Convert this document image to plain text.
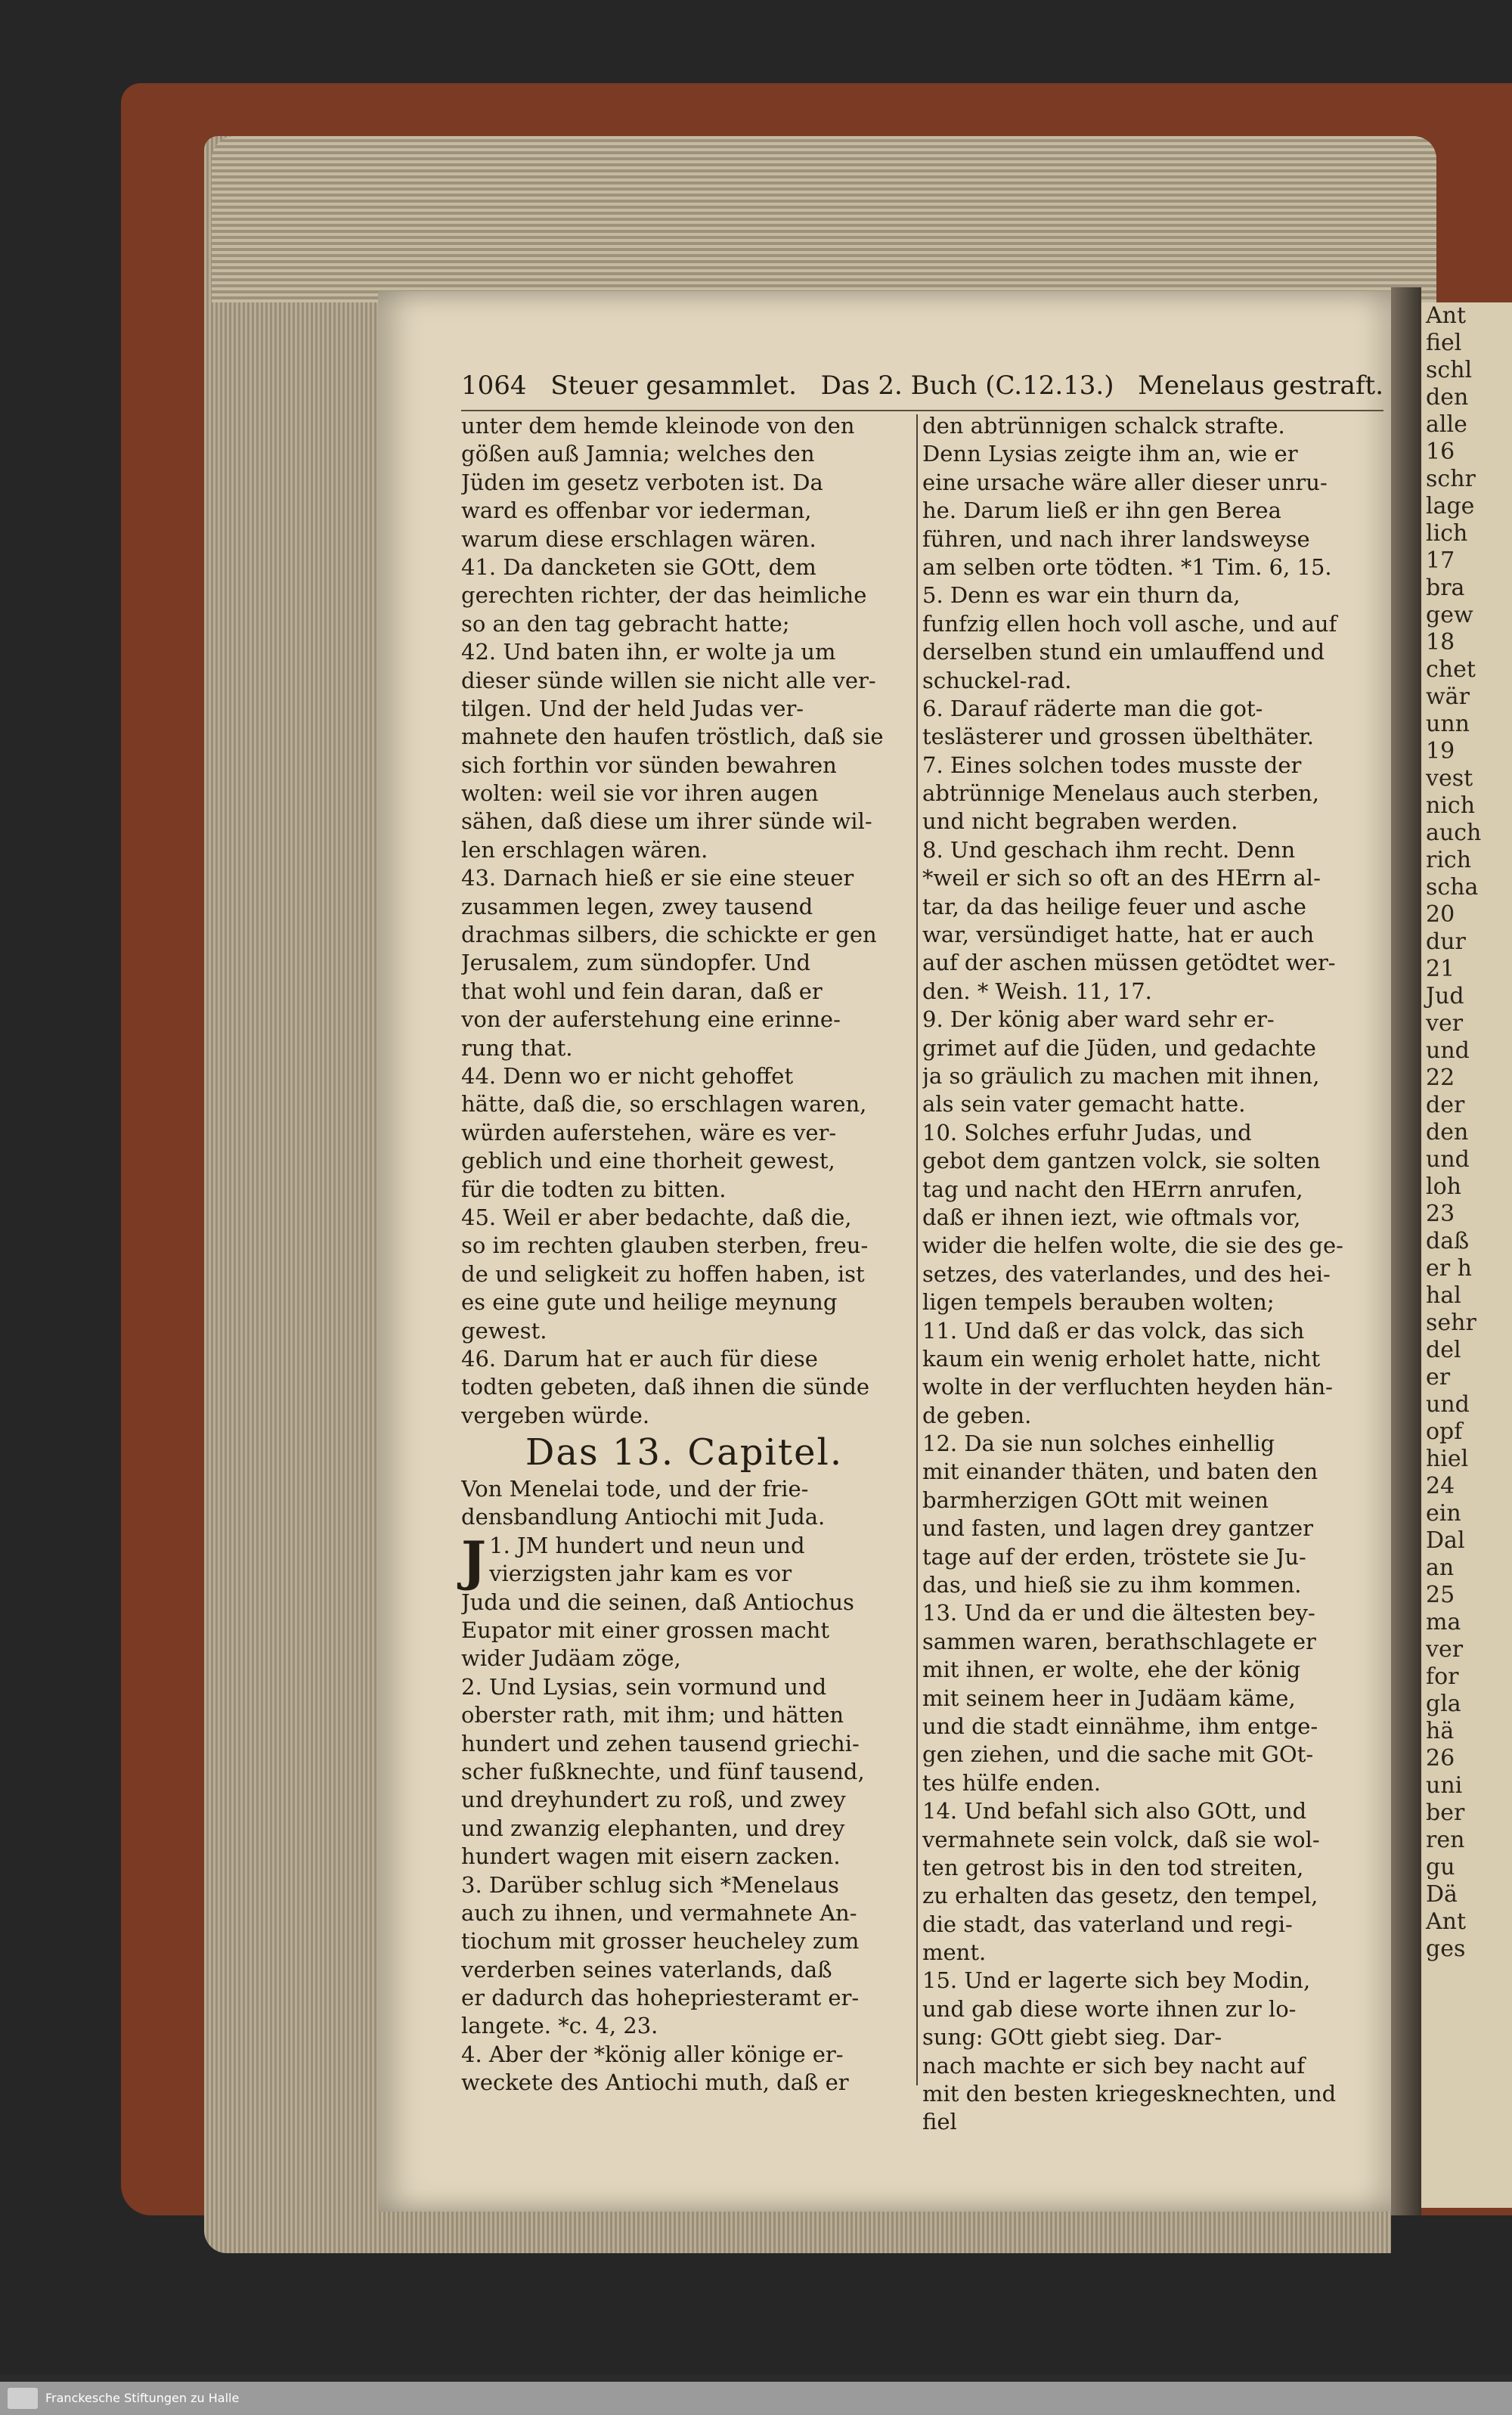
Ant
fiel
schl
den
alle
16
schr
lage
lich
17
bra
gew
18
chet
wär
unn
19
vest
nich
auch
rich
scha
20
dur
21
Jud
ver
und
22
der
den
und
loh
23
daß
er h
hal
sehr
del
er
und
opf
hiel
24
ein
Dal
an
25
ma
ver
for
gla
hä
26
uni
ber
ren
gu
Dä
Ant
ges
1064 Steuer gesammlet. Das 2. Buch (C.12.13.) Menelaus gestraft.
unter dem hemde kleinode von den
gößen auß Jamnia; welches den
Jüden im gesetz verboten ist. Da
ward es offenbar vor iederman,
warum diese erschlagen wären.
41. Da dancketen sie GOtt, dem
gerechten richter, der das heimliche
so an den tag gebracht hatte;
42. Und baten ihn, er wolte ja um
dieser sünde willen sie nicht alle ver-
tilgen. Und der held Judas ver-
mahnete den haufen tröstlich, daß sie
sich forthin vor sünden bewahren
wolten: weil sie vor ihren augen
sähen, daß diese um ihrer sünde wil-
len erschlagen wären.
43. Darnach hieß er sie eine steuer
zusammen legen, zwey tausend
drachmas silbers, die schickte er gen
Jerusalem, zum sündopfer. Und
that wohl und fein daran, daß er
von der auferstehung eine erinne-
rung that.
44. Denn wo er nicht gehoffet
hätte, daß die, so erschlagen waren,
würden auferstehen, wäre es ver-
geblich und eine thorheit gewest,
für die todten zu bitten.
45. Weil er aber bedachte, daß die,
so im rechten glauben sterben, freu-
de und seligkeit zu hoffen haben, ist
es eine gute und heilige meynung
gewest.
46. Darum hat er auch für diese
todten gebeten, daß ihnen die sünde
vergeben würde.
Das 13. Capitel.
Von Menelai tode, und der frie-
densbandlung Antiochi mit Juda.
J 1. JM hundert und neun und
vierzigsten jahr kam es vor
Juda und die seinen, daß Antiochus
Eupator mit einer grossen macht
wider Judäam zöge,
2. Und Lysias, sein vormund und
oberster rath, mit ihm; und hätten
hundert und zehen tausend griechi-
scher fußknechte, und fünf tausend,
und dreyhundert zu roß, und zwey
und zwanzig elephanten, und drey
hundert wagen mit eisern zacken.
3. Darüber schlug sich *Menelaus
auch zu ihnen, und vermahnete An-
tiochum mit grosser heucheley zum
verderben seines vaterlands, daß
er dadurch das hohepriesteramt er-
langete. *c. 4, 23.
4. Aber der *könig aller könige er-
weckete des Antiochi muth, daß er
den abtrünnigen schalck strafte.
Denn Lysias zeigte ihm an, wie er
eine ursache wäre aller dieser unru-
he. Darum ließ er ihn gen Berea
führen, und nach ihrer landsweyse
am selben orte tödten. *1 Tim. 6, 15.
5. Denn es war ein thurn da,
funfzig ellen hoch voll asche, und auf
derselben stund ein umlauffend und
schuckel-rad.
6. Darauf räderte man die got-
teslästerer und grossen übelthäter.
7. Eines solchen todes musste der
abtrünnige Menelaus auch sterben,
und nicht begraben werden.
8. Und geschach ihm recht. Denn
*weil er sich so oft an des HErrn al-
tar, da das heilige feuer und asche
war, versündiget hatte, hat er auch
auf der aschen müssen getödtet wer-
den. * Weish. 11, 17.
9. Der könig aber ward sehr er-
grimet auf die Jüden, und gedachte
ja so gräulich zu machen mit ihnen,
als sein vater gemacht hatte.
10. Solches erfuhr Judas, und
gebot dem gantzen volck, sie solten
tag und nacht den HErrn anrufen,
daß er ihnen iezt, wie oftmals vor,
wider die helfen wolte, die sie des ge-
setzes, des vaterlandes, und des hei-
ligen tempels berauben wolten;
11. Und daß er das volck, das sich
kaum ein wenig erholet hatte, nicht
wolte in der verfluchten heyden hän-
de geben.
12. Da sie nun solches einhellig
mit einander thäten, und baten den
barmherzigen GOtt mit weinen
und fasten, und lagen drey gantzer
tage auf der erden, tröstete sie Ju-
das, und hieß sie zu ihm kommen.
13. Und da er und die ältesten bey-
sammen waren, berathschlagete er
mit ihnen, er wolte, ehe der könig
mit seinem heer in Judäam käme,
und die stadt einnähme, ihm entge-
gen ziehen, und die sache mit GOt-
tes hülfe enden.
14. Und befahl sich also GOtt, und
vermahnete sein volck, daß sie wol-
ten getrost bis in den tod streiten,
zu erhalten das gesetz, den tempel,
die stadt, das vaterland und regi-
ment.
15. Und er lagerte sich bey Modin,
und gab diese worte ihnen zur lo-
sung: GOtt giebt sieg. Dar-
nach machte er sich bey nacht auf
mit den besten kriegesknechten, und
fiel
Franckesche Stiftungen zu Halle
